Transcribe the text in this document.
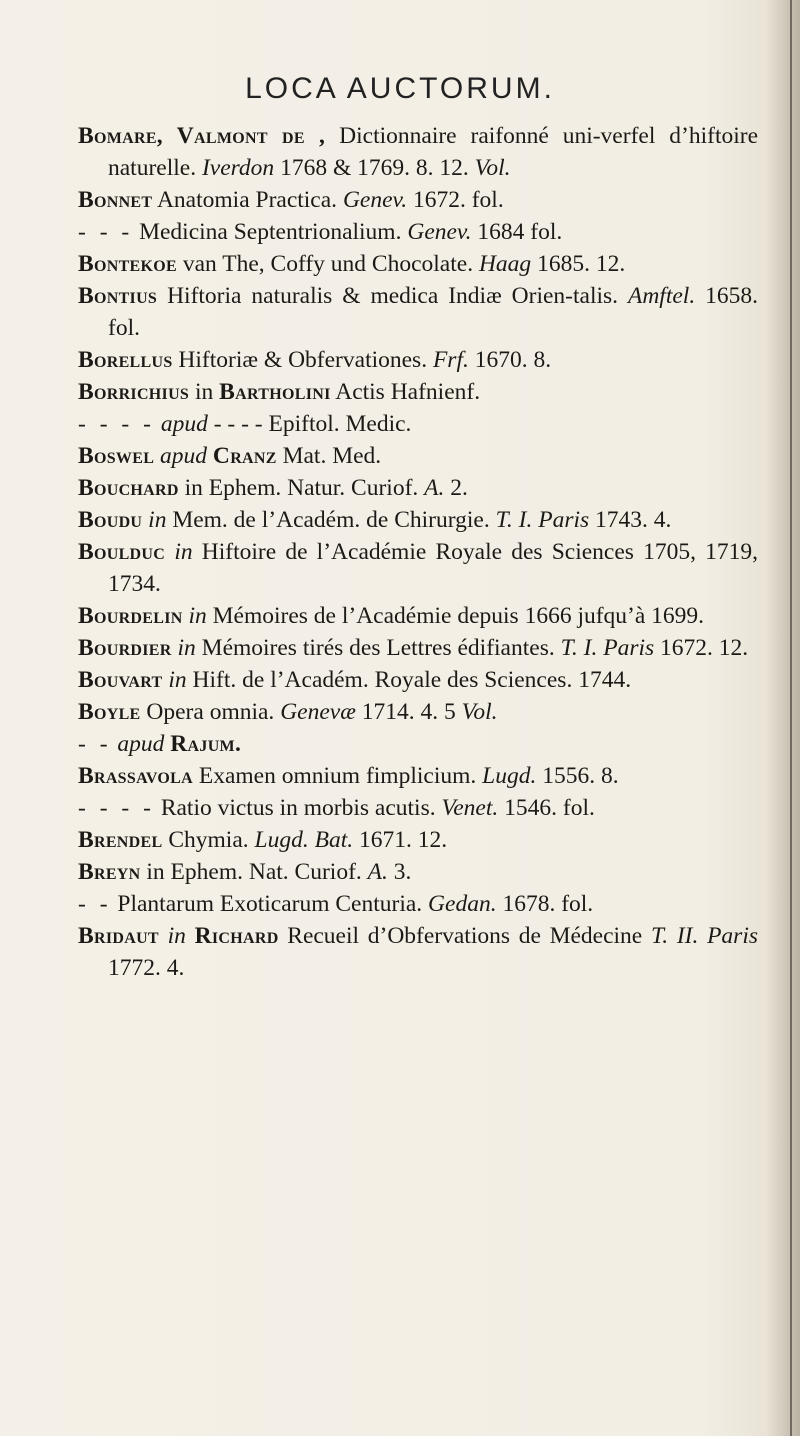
LOCA AUCTORUM.
Bomare, Valmont de , Dictionnaire raifonné uni-verfel d’hiftoire naturelle. Iverdon 1768 & 1769. 8. 12. Vol.
Bonnet Anatomia Practica. Genev. 1672. fol.
- - - Medicina Septentrionalium. Genev. 1684 fol.
Bontekoe van The, Coffy und Chocolate. Haag 1685. 12.
Bontius Hiftoria naturalis & medica Indiæ Orien-talis. Amftel. 1658. fol.
Borellus Hiftoriæ & Obfervationes. Frf. 1670. 8.
Borrichius in Bartholini Actis Hafnienf.
- - - - apud - - - - Epiftol. Medic.
Boswel apud Cranz Mat. Med.
Bouchard in Ephem. Natur. Curiof. A. 2.
Boudu in Mem. de l’Académ. de Chirurgie. T. I. Paris 1743. 4.
Boulduc in Hiftoire de l’Académie Royale des Sciences 1705, 1719, 1734.
Bourdelin in Mémoires de l’Académie depuis 1666 jufqu’à 1699.
Bourdier in Mémoires tirés des Lettres édifiantes. T. I. Paris 1672. 12.
Bouvart in Hift. de l’Académ. Royale des Sciences. 1744.
Boyle Opera omnia. Genevæ 1714. 4. 5 Vol.
- - apud Rajum.
Brassavola Examen omnium fimplicium. Lugd. 1556. 8.
- - - - Ratio victus in morbis acutis. Venet. 1546. fol.
Brendel Chymia. Lugd. Bat. 1671. 12.
Breyn in Ephem. Nat. Curiof. A. 3.
- - Plantarum Exoticarum Centuria. Gedan. 1678. fol.
Bridaut in Richard Recueil d’Obfervations de Médecine T. II. Paris 1772. 4.
